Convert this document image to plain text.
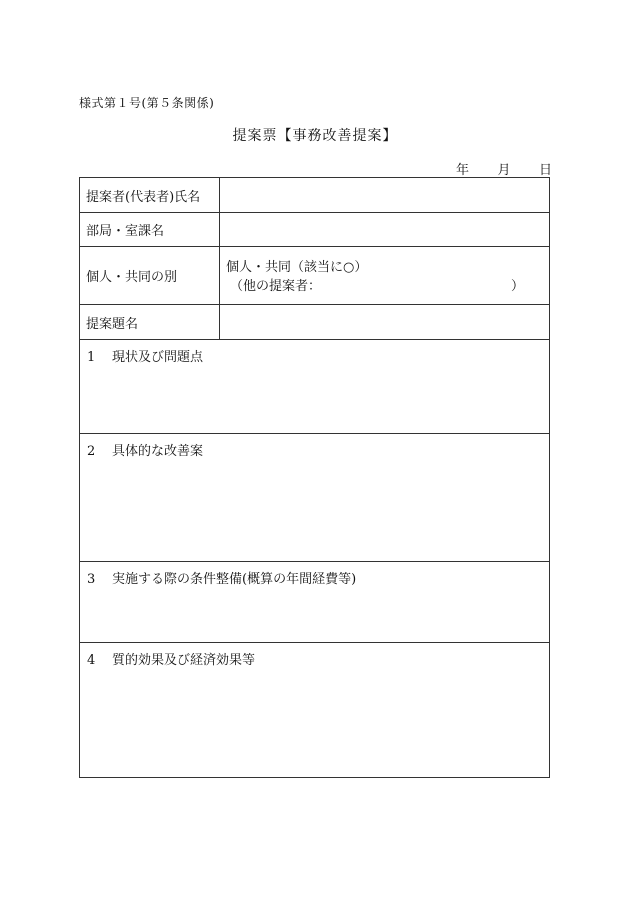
様式第１号(第５条関係)
提案票【事務改善提案】
年 月 日
提案者(代表者)氏名
部局・室課名
個人・共同の別
個人・共同（該当に○）
（他の提案者：	）
提案題名
1 現状及び問題点
2 具体的な改善案
3 実施する際の条件整備(概算の年間経費等)
4 質的効果及び経済効果等
